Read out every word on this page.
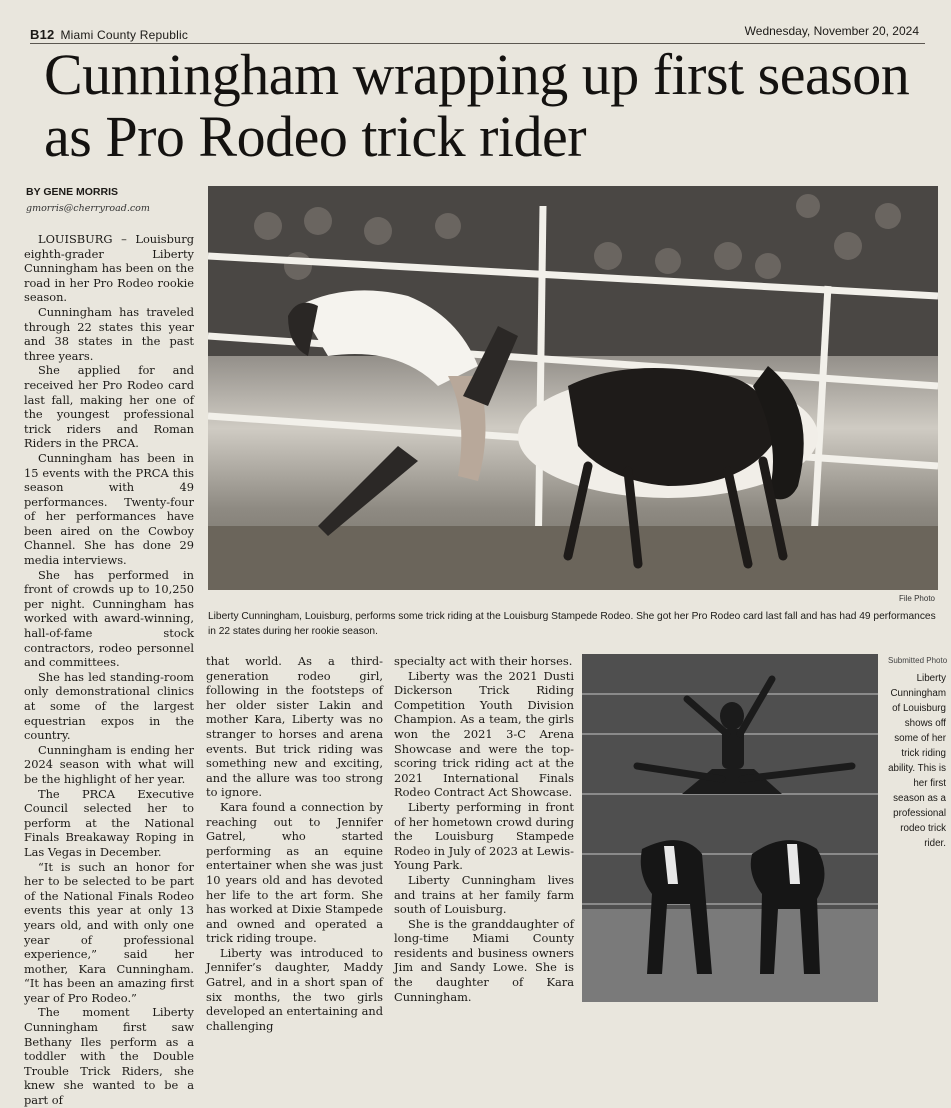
B12 Miami County Republic	Wednesday, November 20, 2024
Cunningham wrapping up first season as Pro Rodeo trick rider
BY GENE MORRIS
gmorris@cherryroad.com

LOUISBURG – Louisburg eighth-grader Liberty Cunningham has been on the road in her Pro Rodeo rookie season.

Cunningham has traveled through 22 states this year and 38 states in the past three years.

She applied for and received her Pro Rodeo card last fall, making her one of the youngest professional trick riders and Roman Riders in the PRCA.

Cunningham has been in 15 events with the PRCA this season with 49 performances. Twenty-four of her performances have been aired on the Cowboy Channel. She has done 29 media interviews.

She has performed in front of crowds up to 10,250 per night. Cunningham has worked with award-winning, hall-of-fame stock contractors, rodeo personnel and committees.

She has led standing-room only demonstrational clinics at some of the largest equestrian expos in the country.

Cunningham is ending her 2024 season with what will be the highlight of her year.

The PRCA Executive Council selected her to perform at the National Finals Breakaway Roping in Las Vegas in December.

“It is such an honor for her to be selected to be part of the National Finals Rodeo events this year at only 13 years old, and with only one year of professional experience,” said her mother, Kara Cunningham. “It has been an amazing first year of Pro Rodeo.”

The moment Liberty Cunningham first saw Bethany Iles perform as a toddler with the Double Trouble Trick Riders, she knew she wanted to be a part of

File Photo
Liberty Cunningham, Louisburg, performs some trick riding at the Louisburg Stampede Rodeo. She got her Pro Rodeo card last fall and has had 49 performances in 22 states during her rookie season.

that world. As a third-generation rodeo girl, following in the footsteps of her older sister Lakin and mother Kara, Liberty was no stranger to horses and arena events. But trick riding was something new and exciting, and the allure was too strong to ignore.

Kara found a connection by reaching out to Jennifer Gatrel, who started performing as an equine entertainer when she was just 10 years old and has devoted her life to the art form. She has worked at Dixie Stampede and owned and operated a trick riding troupe.

Liberty was introduced to Jennifer’s daughter, Maddy Gatrel, and in a short span of six months, the two girls developed an entertaining and challenging

specialty act with their horses.

Liberty was the 2021 Dusti Dickerson Trick Riding Competition Youth Division Champion. As a team, the girls won the 2021 3-C Arena Showcase and were the top-scoring trick riding act at the 2021 International Finals Rodeo Contract Act Showcase.

Liberty performing in front of her hometown crowd during the Louisburg Stampede Rodeo in July of 2023 at Lewis-Young Park.

Liberty Cunningham lives and trains at her family farm south of Louisburg.

She is the granddaughter of long-time Miami County residents and business owners Jim and Sandy Lowe. She is the daughter of Kara Cunningham.

Submitted Photo
Liberty Cunningham of Louisburg shows off some of her trick riding ability. This is her first season as a professional rodeo trick rider.
